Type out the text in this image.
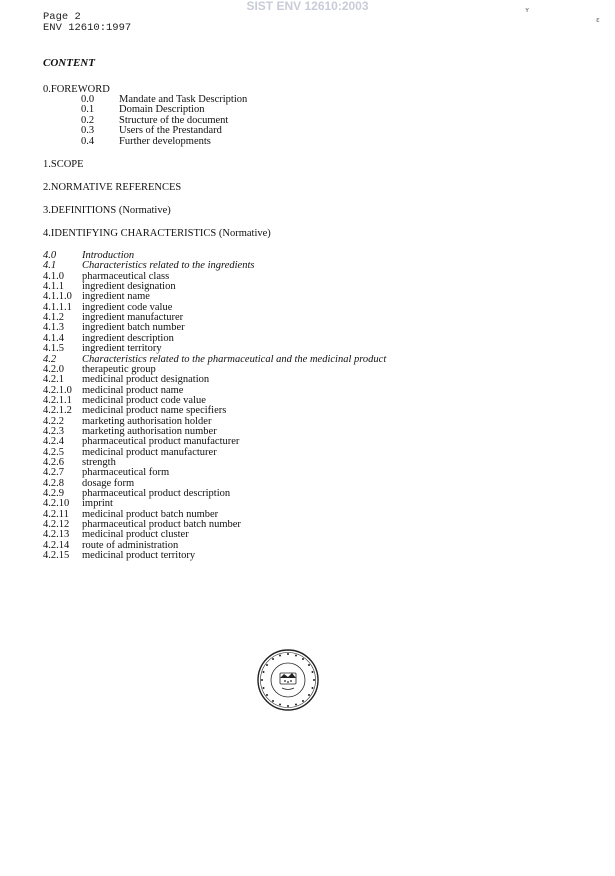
SIST ENV 12610:2003
Page 2
ENV 12610:1997
ʏ
ε
CONTENT
0.FOREWORD
0.0 Mandate and Task Description
0.1 Domain Description
0.2 Structure of the document
0.3 Users of the Prestandard
0.4 Further developments
1.SCOPE
2.NORMATIVE REFERENCES
3.DEFINITIONS (Normative)
4.IDENTIFYING CHARACTERISTICS (Normative)
4.0 Introduction
4.1 Characteristics related to the ingredients
4.1.0 pharmaceutical class
4.1.1 ingredient designation
4.1.1.0 ingredient name
4.1.1.1 ingredient code value
4.1.2 ingredient manufacturer
4.1.3 ingredient batch number
4.1.4 ingredient description
4.1.5 ingredient territory
4.2 Characteristics related to the pharmaceutical and the medicinal product
4.2.0 therapeutic group
4.2.1 medicinal product designation
4.2.1.0 medicinal product name
4.2.1.1 medicinal product code value
4.2.1.2 medicinal product name specifiers
4.2.2 marketing authorisation holder
4.2.3 marketing authorisation number
4.2.4 pharmaceutical product manufacturer
4.2.5 medicinal product manufacturer
4.2.6 strength
4.2.7 pharmaceutical form
4.2.8 dosage form
4.2.9 pharmaceutical product description
4.2.10 imprint
4.2.11 medicinal product batch number
4.2.12 pharmaceutical product batch number
4.2.13 medicinal product cluster
4.2.14 route of administration
4.2.15 medicinal product territory
